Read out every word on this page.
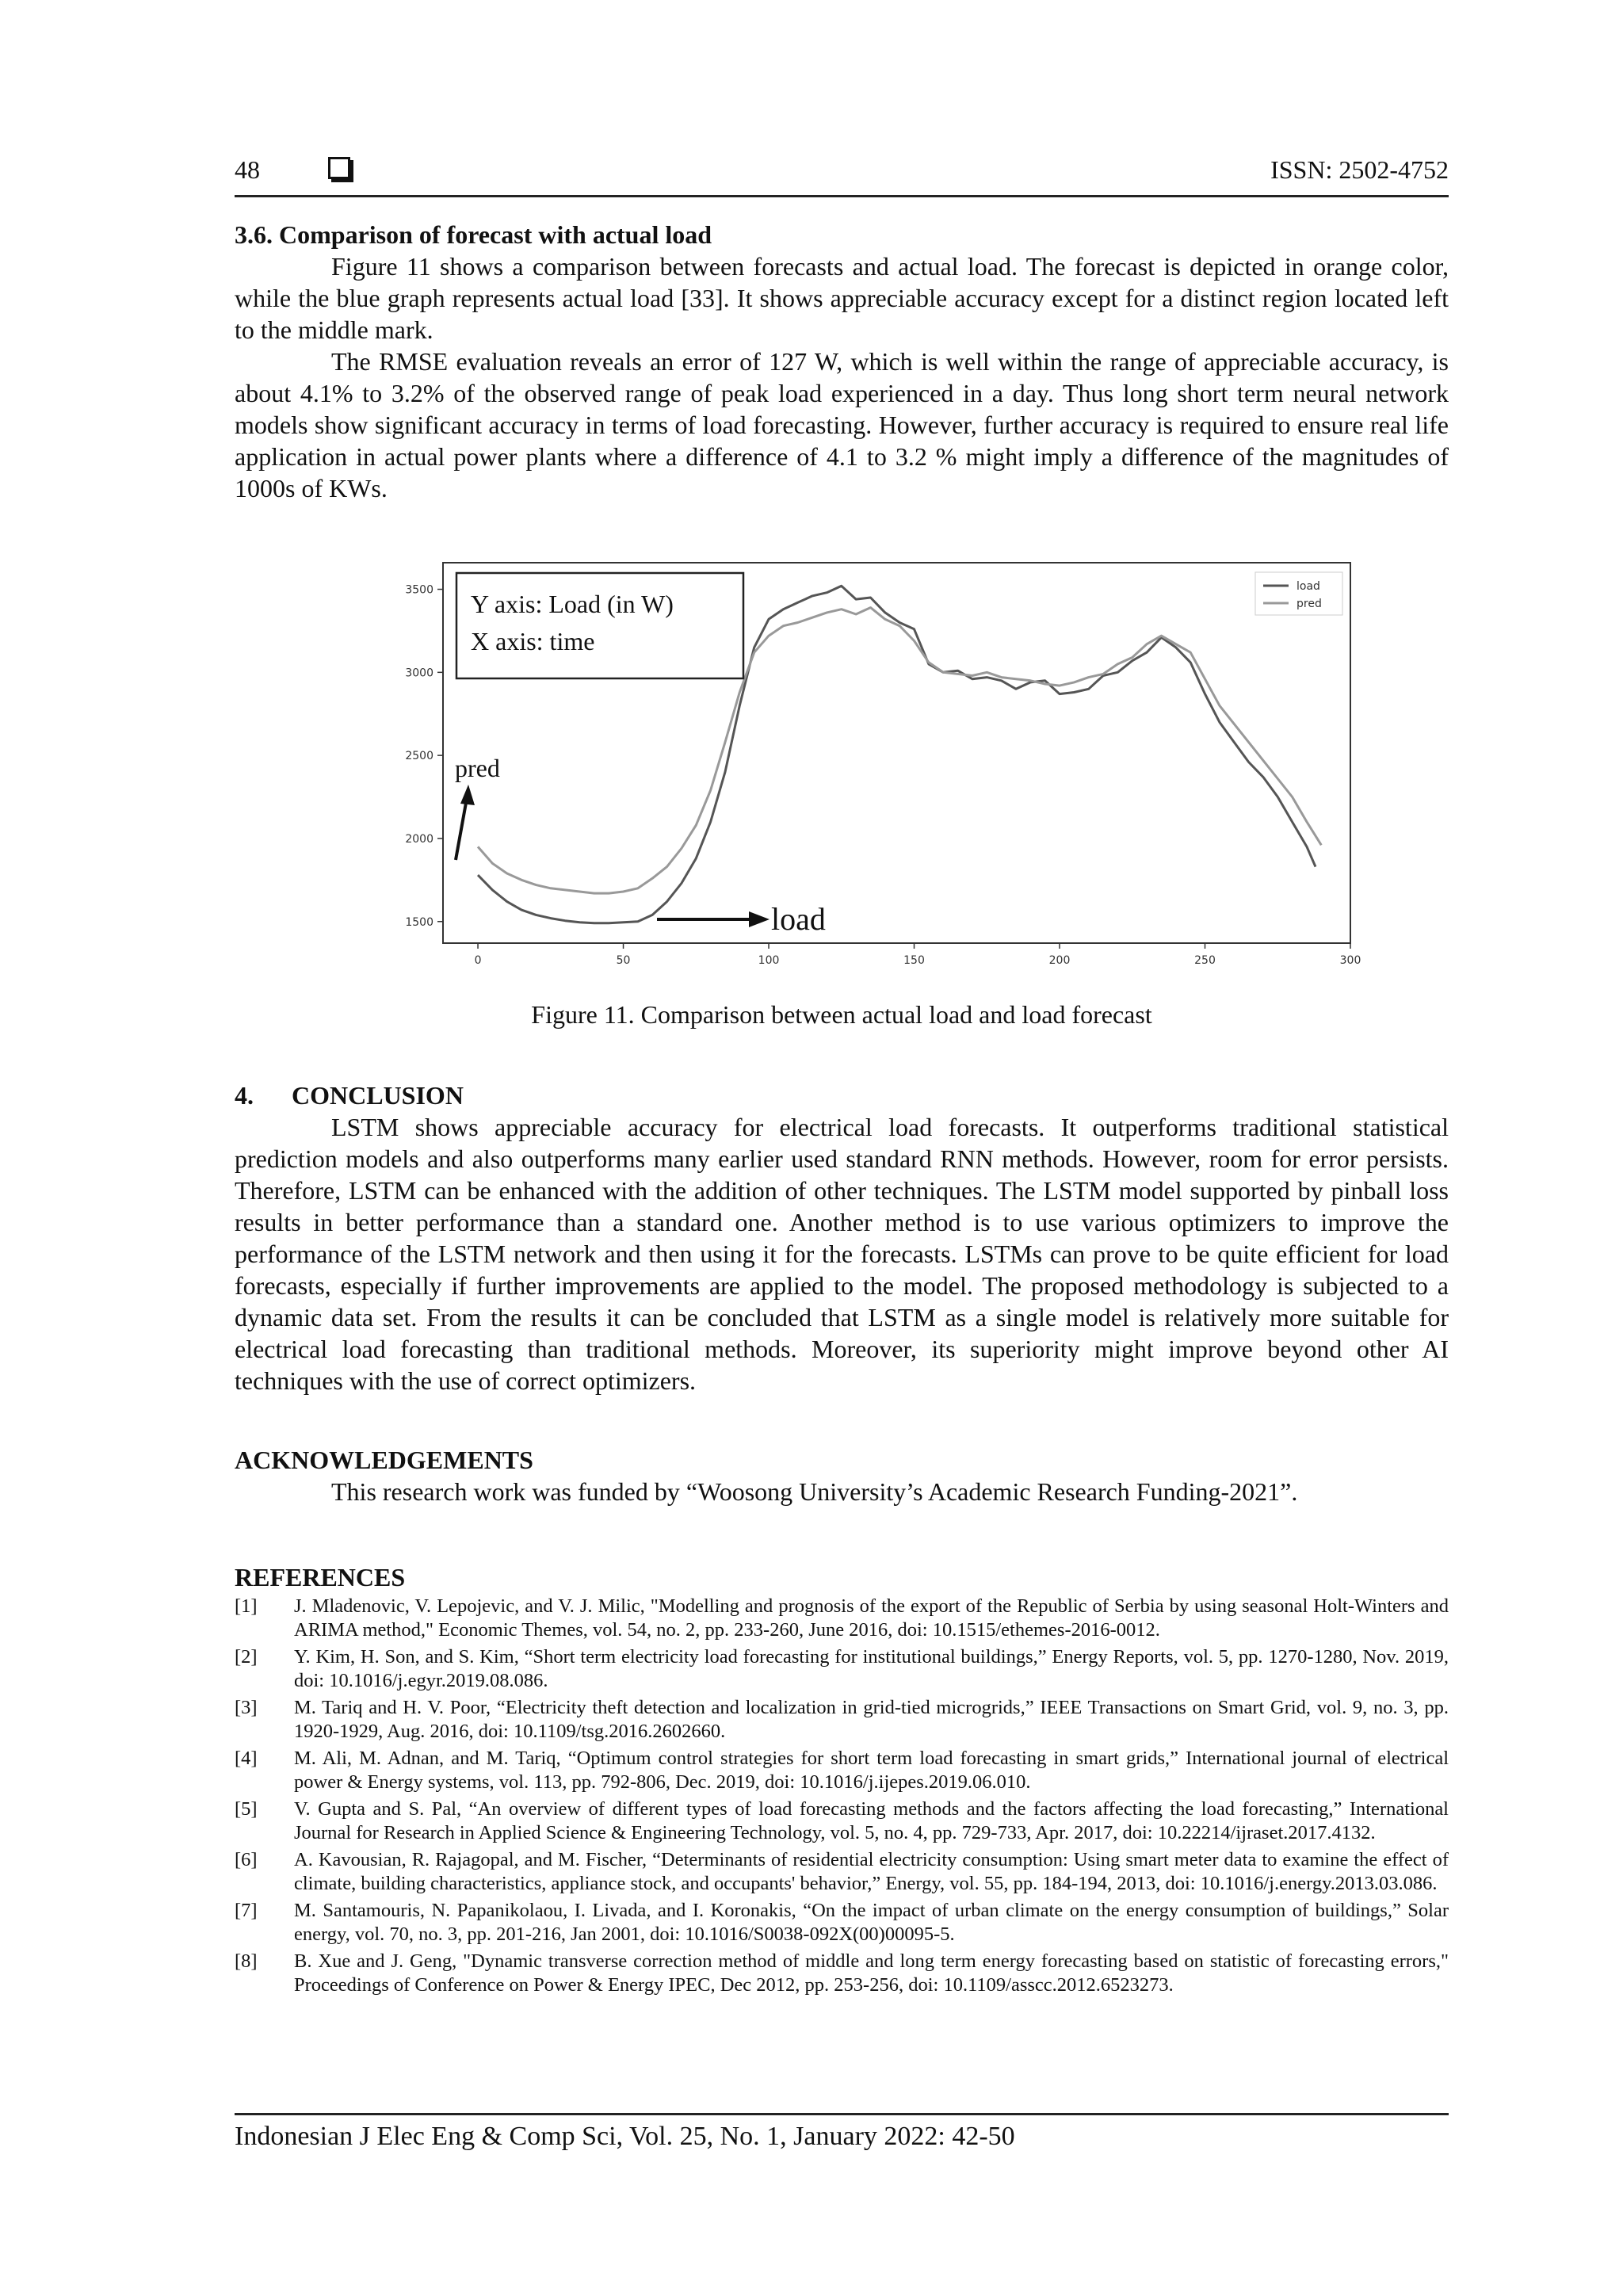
48	ISSN: 2502-4752
3.6. Comparison of forecast with actual load

Figure 11 shows a comparison between forecasts and actual load. The forecast is depicted in orange color, while the blue graph represents actual load [33]. It shows appreciable accuracy except for a distinct region located left to the middle mark.

The RMSE evaluation reveals an error of 127 W, which is well within the range of appreciable accuracy, is about 4.1% to 3.2% of the observed range of peak load experienced in a day. Thus long short term neural network models show significant accuracy in terms of load forecasting. However, further accuracy is required to ensure real life application in actual power plants where a difference of 4.1 to 3.2 % might imply a difference of the magnitudes of 1000s of KWs.

0	50	100	150	200	250	300
1500
2000
2500
3000
3500	load
pred
Y axis: Load (in W)
X axis: time
pred
load
Figure 11. Comparison between actual load and load forecast
4.      CONCLUSION

LSTM shows appreciable accuracy for electrical load forecasts. It outperforms traditional statistical prediction models and also outperforms many earlier used standard RNN methods. However, room for error persists. Therefore, LSTM can be enhanced with the addition of other techniques. The LSTM model supported by pinball loss results in better performance than a standard one. Another method is to use various optimizers to improve the performance of the LSTM network and then using it for the forecasts. LSTMs can prove to be quite efficient for load forecasts, especially if further improvements are applied to the model. The proposed methodology is subjected to a dynamic data set. From the results it can be concluded that LSTM as a single model is relatively more suitable for electrical load forecasting than traditional methods. Moreover, its superiority might improve beyond other AI techniques with the use of correct optimizers.

ACKNOWLEDGEMENTS

This research work was funded by “Woosong University’s Academic Research Funding-2021”.

REFERENCES
[1] J. Mladenovic, V. Lepojevic, and V. J. Milic, "Modelling and prognosis of the export of the Republic of Serbia by using seasonal Holt-Winters and ARIMA method," Economic Themes, vol. 54, no. 2, pp. 233-260, June 2016, doi: 10.1515/ethemes-2016-0012.
[2] Y. Kim, H. Son, and S. Kim, “Short term electricity load forecasting for institutional buildings,” Energy Reports, vol. 5, pp. 1270-1280, Nov. 2019, doi: 10.1016/j.egyr.2019.08.086.
[3] M. Tariq and H. V. Poor, “Electricity theft detection and localization in grid-tied microgrids,” IEEE Transactions on Smart Grid, vol. 9, no. 3, pp. 1920-1929, Aug. 2016, doi: 10.1109/tsg.2016.2602660.
[4] M. Ali, M. Adnan, and M. Tariq, “Optimum control strategies for short term load forecasting in smart grids,” International journal of electrical power & Energy systems, vol. 113, pp. 792-806, Dec. 2019, doi: 10.1016/j.ijepes.2019.06.010.
[5] V. Gupta and S. Pal, “An overview of different types of load forecasting methods and the factors affecting the load forecasting,” International Journal for Research in Applied Science & Engineering Technology, vol. 5, no. 4, pp. 729-733, Apr. 2017, doi: 10.22214/ijraset.2017.4132.
[6] A. Kavousian, R. Rajagopal, and M. Fischer, “Determinants of residential electricity consumption: Using smart meter data to examine the effect of climate, building characteristics, appliance stock, and occupants' behavior,” Energy, vol. 55, pp. 184-194, 2013, doi: 10.1016/j.energy.2013.03.086.
[7] M. Santamouris, N. Papanikolaou, I. Livada, and I. Koronakis, “On the impact of urban climate on the energy consumption of buildings,” Solar energy, vol. 70, no. 3, pp. 201-216, Jan 2001, doi: 10.1016/S0038-092X(00)00095-5.
[8] B. Xue and J. Geng, "Dynamic transverse correction method of middle and long term energy forecasting based on statistic of forecasting errors," Proceedings of Conference on Power & Energy IPEC, Dec 2012, pp. 253-256, doi: 10.1109/asscc.2012.6523273.
Indonesian J Elec Eng & Comp Sci, Vol. 25, No. 1, January 2022: 42-50
